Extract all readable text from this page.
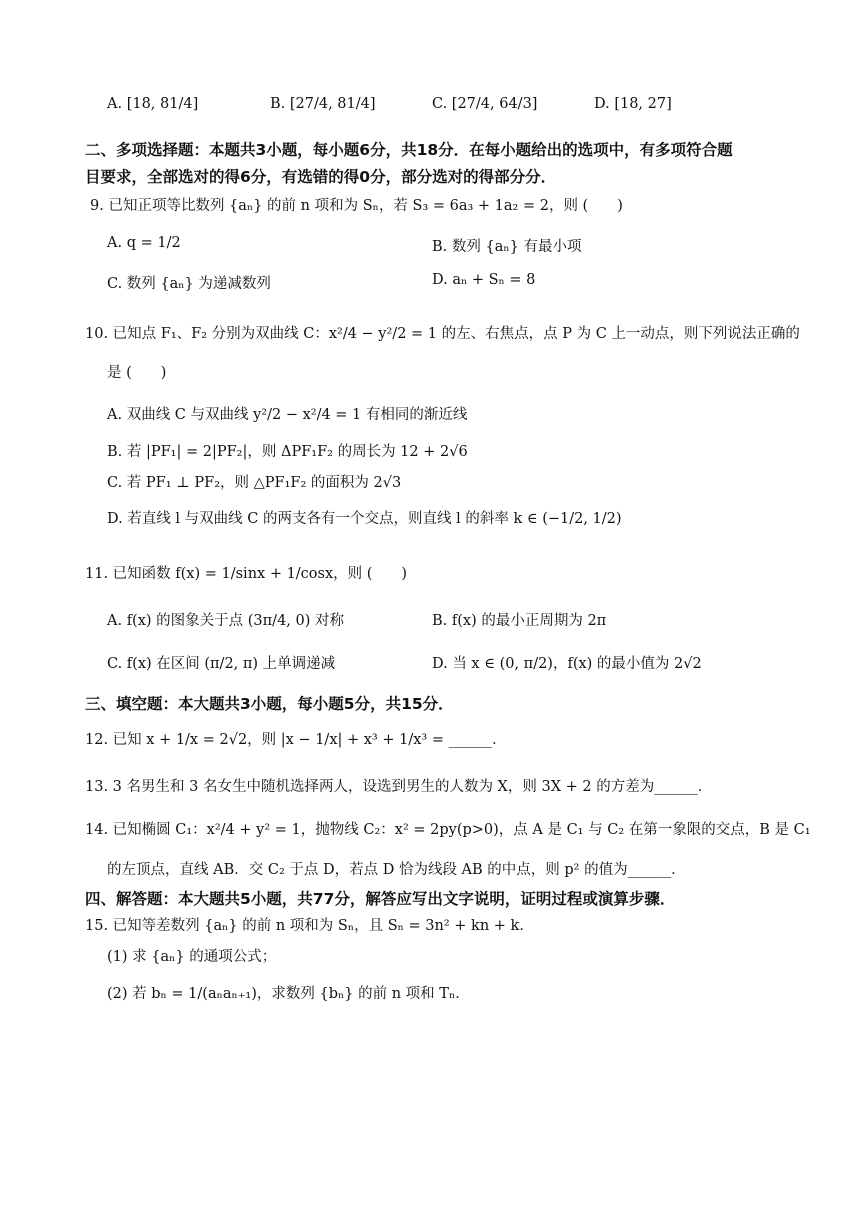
A. [18, 81/4]	B. [27/4, 81/4]	C. [27/4, 64/3]	D. [18, 27]
二、多项选择题：本题共3小题，每小题6分，共18分．在每小题给出的选项中，有多项符合题
目要求，全部选对的得6分，有选错的得0分，部分选对的得部分分．
9. 已知正项等比数列 {aₙ} 的前 n 项和为 Sₙ，若 S₃ = 6a₃ + 1a₂ = 2，则 (　　)
A. q = 1/2	B. 数列 {aₙ} 有最小项
C. 数列 {aₙ} 为递减数列	D. aₙ + Sₙ = 8
10. 已知点 F₁、F₂ 分别为双曲线 C：x²/4 − y²/2 = 1 的左、右焦点，点 P 为 C 上一动点，则下列说法正确的
是 (　　)
A. 双曲线 C 与双曲线 y²/2 − x²/4 = 1 有相同的渐近线
B. 若 |PF₁| = 2|PF₂|，则 ΔPF₁F₂ 的周长为 12 + 2√6
C. 若 PF₁ ⊥ PF₂，则 △PF₁F₂ 的面积为 2√3
D. 若直线 l 与双曲线 C 的两支各有一个交点，则直线 l 的斜率 k ∈ (−1/2, 1/2)
11. 已知函数 f(x) = 1/sinx + 1/cosx，则 (　　)
A. f(x) 的图象关于点 (3π/4, 0) 对称	B. f(x) 的最小正周期为 2π
C. f(x) 在区间 (π/2, π) 上单调递减	D. 当 x ∈ (0, π/2)，f(x) 的最小值为 2√2
三、填空题：本大题共3小题，每小题5分，共15分．
12. 已知 x + 1/x = 2√2，则 |x − 1/x| + x³ + 1/x³ = ______．
13. 3 名男生和 3 名女生中随机选择两人，设选到男生的人数为 X，则 3X + 2 的方差为______．
14. 已知椭圆 C₁：x²/4 + y² = 1，抛物线 C₂：x² = 2py(p>0)，点 A 是 C₁ 与 C₂ 在第一象限的交点，B 是 C₁
的左顶点，直线 AB．交 C₂ 于点 D，若点 D 恰为线段 AB 的中点，则 p² 的值为______．
四、解答题：本大题共5小题，共77分，解答应写出文字说明，证明过程或演算步骤．
15. 已知等差数列 {aₙ} 的前 n 项和为 Sₙ，且 Sₙ = 3n² + kn + k．
(1) 求 {aₙ} 的通项公式；
(2) 若 bₙ = 1/(aₙaₙ₊₁)，求数列 {bₙ} 的前 n 项和 Tₙ．
